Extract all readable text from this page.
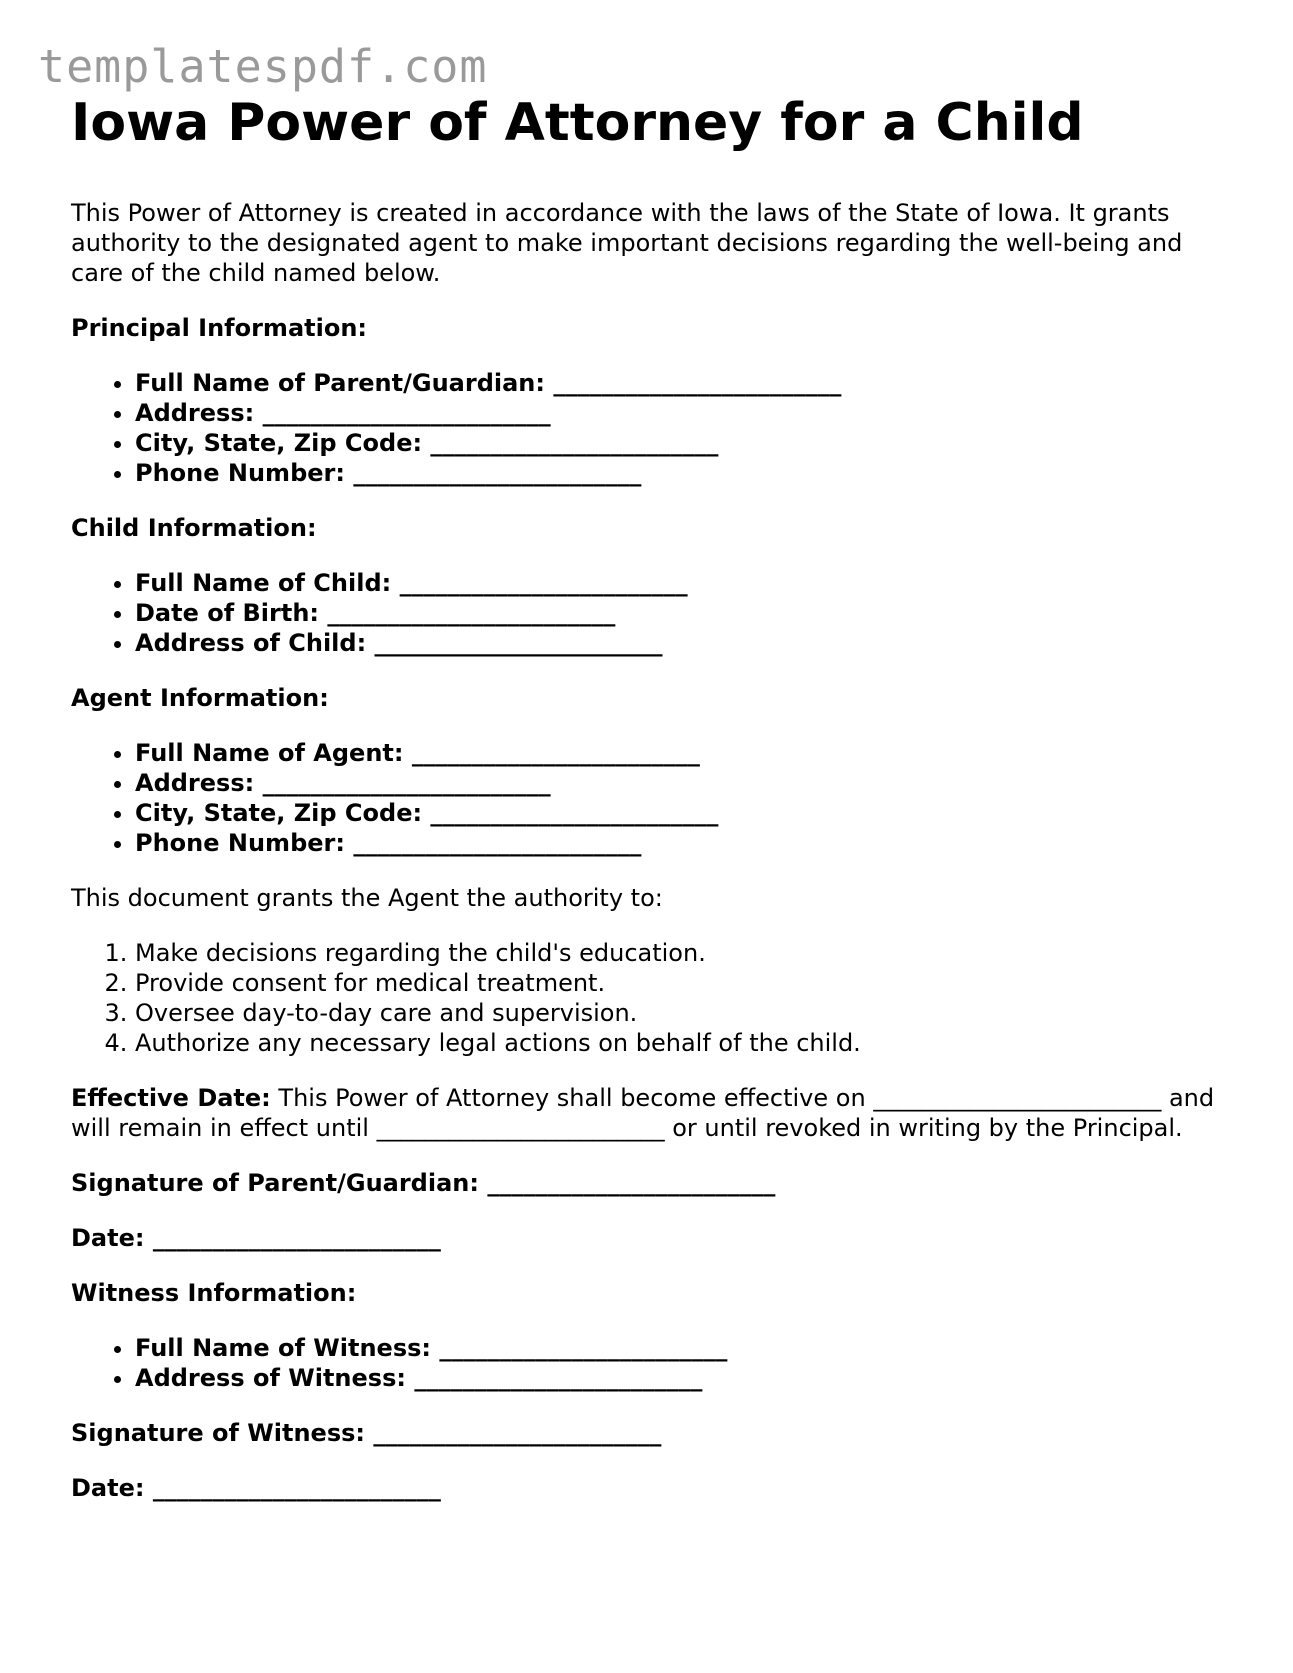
templatespdf.com
Iowa Power of Attorney for a Child

This Power of Attorney is created in accordance with the laws of the State of Iowa. It grants authority to the designated agent to make important decisions regarding the well-being and care of the child named below.

Principal Information:

• Full Name of Parent/Guardian: ________________________
• Address: ________________________
• City, State, Zip Code: ________________________
• Phone Number: ________________________

Child Information:

• Full Name of Child: ________________________
• Date of Birth: ________________________
• Address of Child: ________________________

Agent Information:

• Full Name of Agent: ________________________
• Address: ________________________
• City, State, Zip Code: ________________________
• Phone Number: ________________________

This document grants the Agent the authority to:

1. Make decisions regarding the child's education.
2. Provide consent for medical treatment.
3. Oversee day-to-day care and supervision.
4. Authorize any necessary legal actions on behalf of the child.

Effective Date: This Power of Attorney shall become effective on ________________________ and will remain in effect until ________________________ or until revoked in writing by the Principal.

Signature of Parent/Guardian: ________________________

Date: ________________________

Witness Information:

• Full Name of Witness: ________________________
• Address of Witness: ________________________

Signature of Witness: ________________________

Date: ________________________
